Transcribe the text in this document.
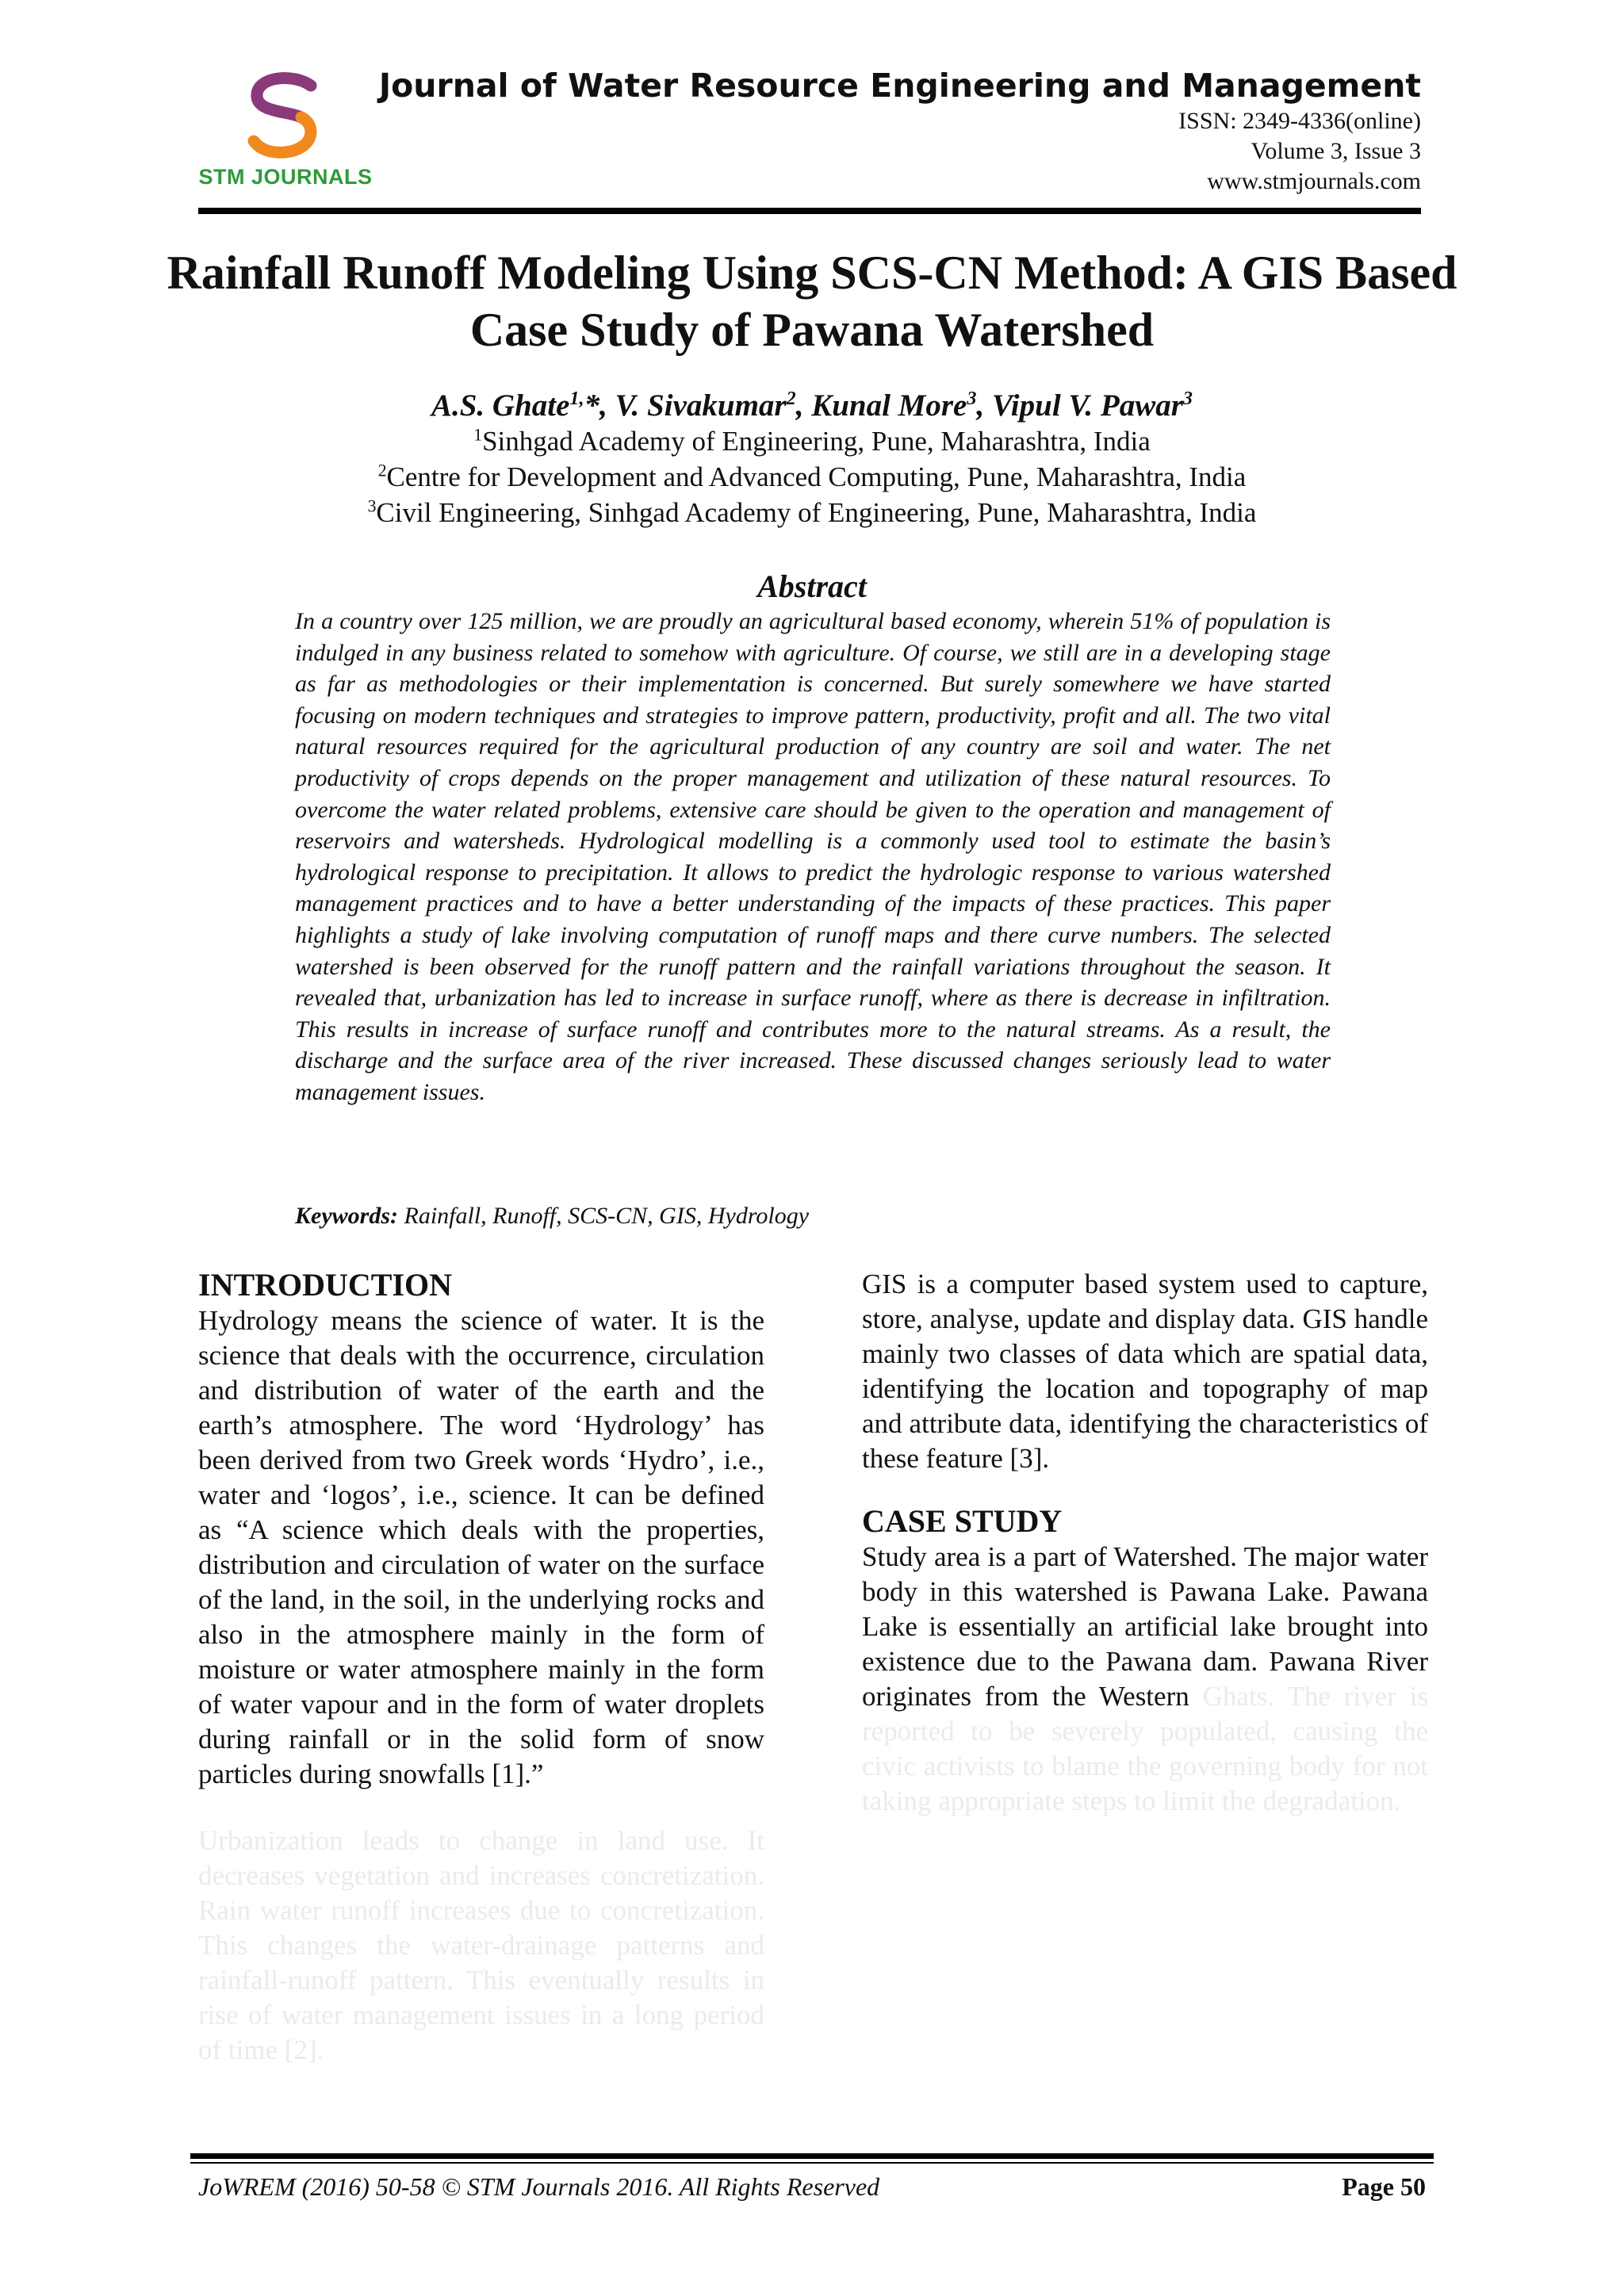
STM JOURNALS
Journal of Water Resource Engineering and Management
ISSN: 2349-4336(online)
Volume 3, Issue 3
www.stmjournals.com
Rainfall Runoff Modeling Using SCS-CN Method: A GIS Based Case Study of Pawana Watershed
A.S. Ghate$^{1,}$*, V. Sivakumar$^2$, Kunal More$^3$, Vipul V. Pawar$^3$
$^1$Sinhgad Academy of Engineering, Pune, Maharashtra, India
$^2$Centre for Development and Advanced Computing, Pune, Maharashtra, India
$^3$Civil Engineering, Sinhgad Academy of Engineering, Pune, Maharashtra, India
Abstract
In a country over 125 million, we are proudly an agricultural based economy, wherein 51% of population is indulged in any business related to somehow with agriculture. Of course, we still are in a developing stage as far as methodologies or their implementation is concerned. But surely somewhere we have started focusing on modern techniques and strategies to improve pattern, productivity, profit and all. The two vital natural resources required for the agricultural production of any country are soil and water. The net productivity of crops depends on the proper management and utilization of these natural resources. To overcome the water related problems, extensive care should be given to the operation and management of reservoirs and watersheds. Hydrological modelling is a commonly used tool to estimate the basin’s hydrological response to precipitation. It allows to predict the hydrologic response to various watershed management practices and to have a better understanding of the impacts of these practices. This paper highlights a study of lake involving computation of runoff maps and there curve numbers. The selected watershed is been observed for the runoff pattern and the rainfall variations throughout the season. It revealed that, urbanization has led to increase in surface runoff, where as there is decrease in infiltration. This results in increase of surface runoff and contributes more to the natural streams. As a result, the discharge and the surface area of the river increased. These discussed changes seriously lead to water management issues.
Keywords: Rainfall, Runoff, SCS-CN, GIS, Hydrology
INTRODUCTION

Hydrology means the science of water. It is the science that deals with the occurrence, circulation and distribution of water of the earth and the earth’s atmosphere. The word ‘Hydrology’ has been derived from two Greek words ‘Hydro’, i.e., water and ‘logos’, i.e., science. It can be defined as “A science which deals with the properties, distribution and circulation of water on the surface of the land, in the soil, in the underlying rocks and also in the atmosphere mainly in the form of moisture or water atmosphere mainly in the form of water vapour and in the form of water droplets during rainfall or in the solid form of snow particles during snowfalls [1].”

Urbanization leads to change in land use. It decreases vegetation and increases concretization. Rain water runoff increases due to concretization. This changes the water-drainage patterns and rainfall-runoff pattern. This eventually results in rise of water management issues in a long period of time [2].

GIS is a computer based system used to capture, store, analyse, update and display data. GIS handle mainly two classes of data which are spatial data, identifying the location and topography of map and attribute data, identifying the characteristics of these feature [3].

CASE STUDY

Study area is a part of Watershed. The major water body in this watershed is Pawana Lake. Pawana Lake is essentially an artificial lake brought into existence due to the Pawana dam. Pawana River originates from the Western Ghats. The river is reported to be severely populated, causing the civic activists to blame the governing body for not taking appropriate steps to limit the degradation.

JoWREM (2016) 50-58 © STM Journals 2016. All Rights Reserved	Page 50
